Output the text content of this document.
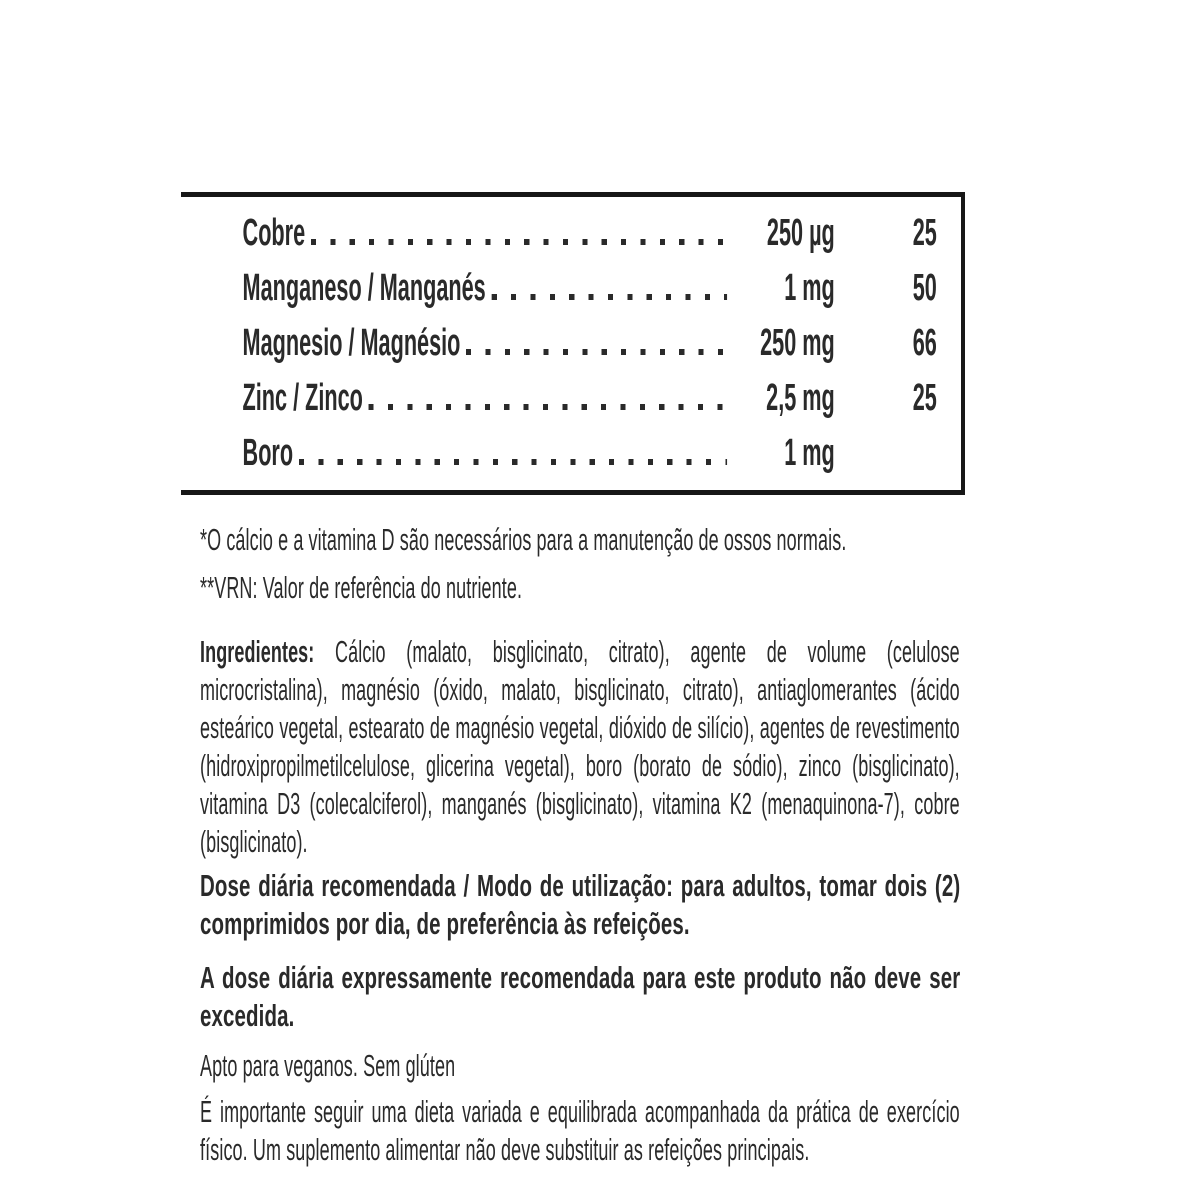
Cobre	250 µg	25
Manganeso / Manganés	1 mg	50
Magnesio / Magnésio	250 mg	66
Zinc / Zinco	2,5 mg	25
Boro	1 mg

*O cálcio e a vitamina D são necessários para a manutenção de ossos normais.

**VRN: Valor de referência do nutriente.

Ingredientes: Cálcio (malato, bisglicinato, citrato), agente de volume (celulose microcristalina), magnésio (óxido, malato, bisglicinato, citrato), antiaglomerantes (ácido esteárico vegetal, estearato de magnésio vegetal, dióxido de silício), agentes de revestimento (hidroxipropilmetilcelulose, glicerina vegetal), boro (borato de sódio), zinco (bisglicinato), vitamina D3 (colecalciferol), manganés (bisglicinato), vitamina K2 (menaquinona-7), cobre (bisglicinato).

Dose diária recomendada / Modo de utilização: para adultos, tomar dois (2) comprimidos por dia, de preferência às refeições.

A dose diária expressamente recomendada para este produto não deve ser excedida.

Apto para veganos. Sem glúten

É importante seguir uma dieta variada e equilibrada acompanhada da prática de exercício físico. Um suplemento alimentar não deve substituir as refeições principais.
